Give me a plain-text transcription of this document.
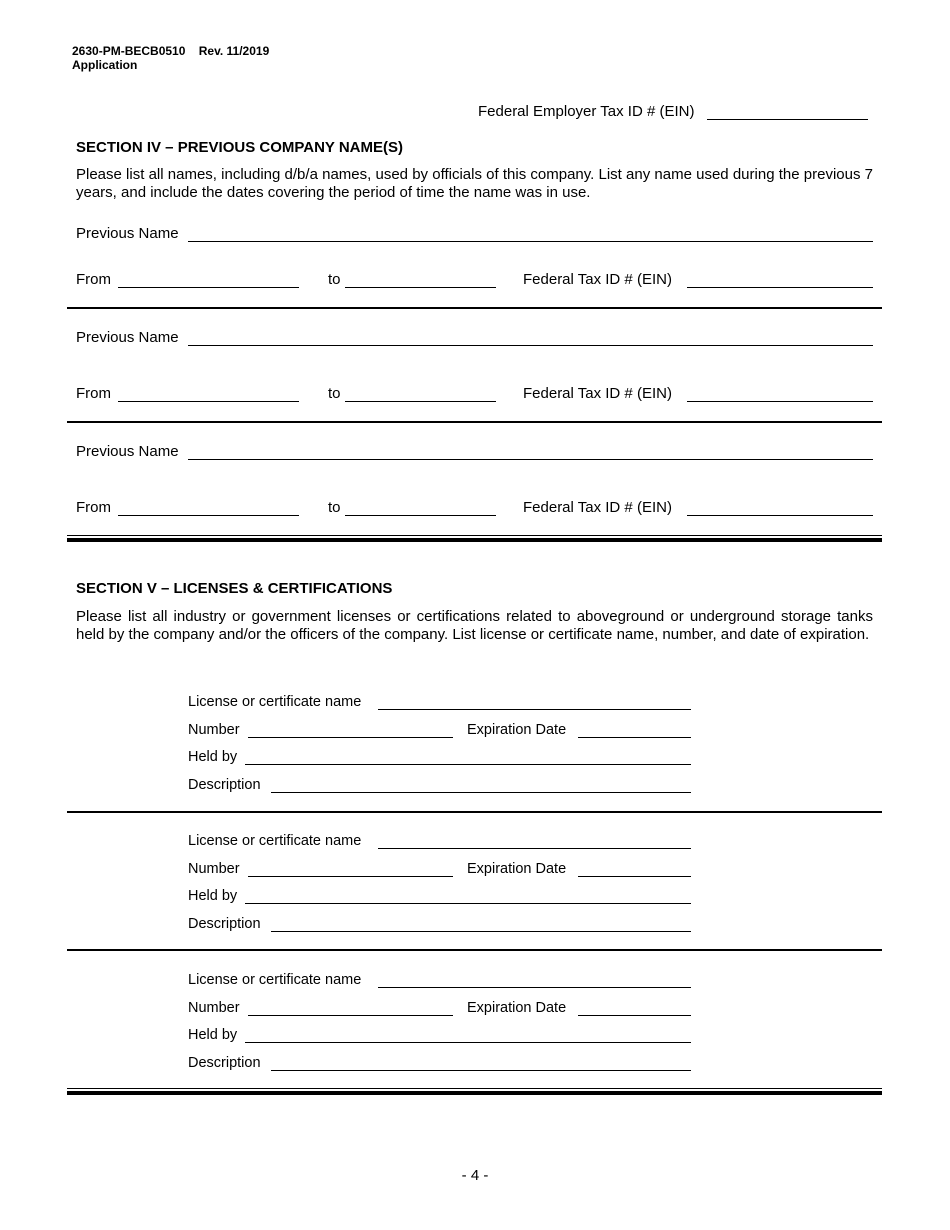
2630-PM-BECB0510 Rev. 11/2019
Application
Federal Employer Tax ID # (EIN)
SECTION IV – PREVIOUS COMPANY NAME(S)
Please list all names, including d/b/a names, used by officials of this company. List any name used during the previous 7 years, and include the dates covering the period of time the name was in use.
Previous Name
From	to	Federal Tax ID # (EIN)
Previous Name
From	to	Federal Tax ID # (EIN)
Previous Name
From	to	Federal Tax ID # (EIN)
SECTION V – LICENSES & CERTIFICATIONS
Please list all industry or government licenses or certifications related to aboveground or underground storage tanks held by the company and/or the officers of the company. List license or certificate name, number, and date of expiration.
License or certificate name
Number	Expiration Date
Held by
Description
License or certificate name
Number	Expiration Date
Held by
Description
License or certificate name
Number	Expiration Date
Held by
Description
- 4 -
